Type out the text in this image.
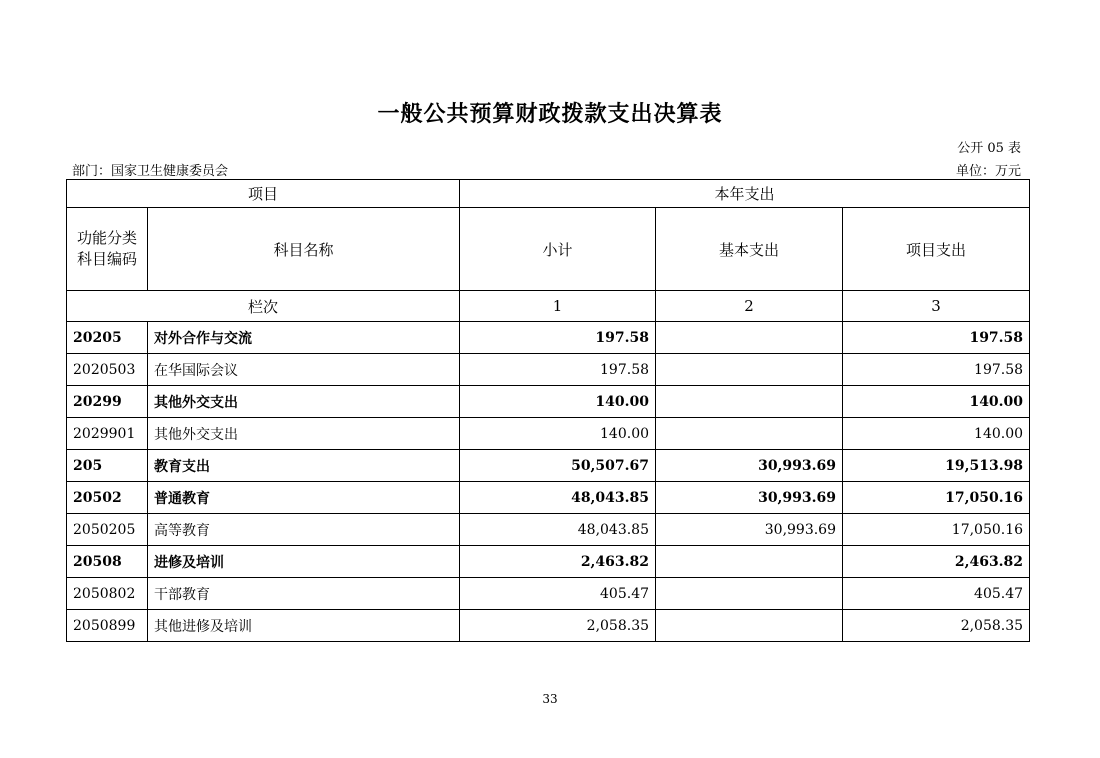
一般公共预算财政拨款支出决算表
公开 05 表
部门：国家卫生健康委员会	单位：万元
项目		本年支出		
功能分类
科目编码	科目名称	小计	基本支出	项目支出
栏次		1	2	3
20205	对外合作与交流	197.58		197.58
2020503	在华国际会议	197.58		197.58
20299	其他外交支出	140.00		140.00
2029901	其他外交支出	140.00		140.00
205	教育支出	50,507.67	30,993.69	19,513.98
20502	普通教育	48,043.85	30,993.69	17,050.16
2050205	高等教育	48,043.85	30,993.69	17,050.16
20508	进修及培训	2,463.82		2,463.82
2050802	干部教育	405.47		405.47
2050899	其他进修及培训	2,058.35		2,058.35
33
